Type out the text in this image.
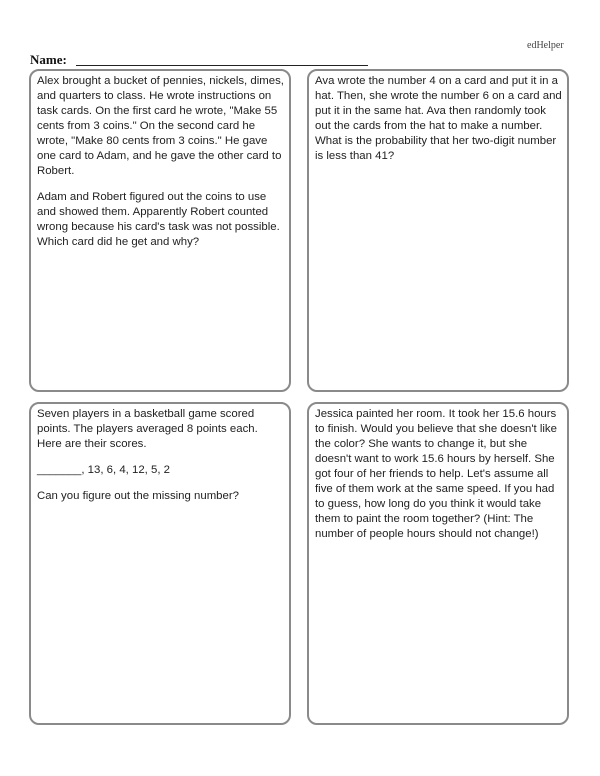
edHelper
Name:

Alex brought a bucket of pennies, nickels, dimes, and quarters to class. He wrote instructions on task cards. On the first card he wrote, "Make 55 cents from 3 coins." On the second card he wrote, "Make 80 cents from 3 coins." He gave one card to Adam, and he gave the other card to Robert.

Adam and Robert figured out the coins to use and showed them. Apparently Robert counted wrong because his card's task was not possible. Which card did he get and why?

Ava wrote the number 4 on a card and put it in a hat. Then, she wrote the number 6 on a card and put it in the same hat. Ava then randomly took out the cards from the hat to make a number. What is the probability that her two-digit number is less than 41?

Seven players in a basketball game scored points. The players averaged 8 points each. Here are their scores.

_______, 13, 6, 4, 12, 5, 2

Can you figure out the missing number?

Jessica painted her room. It took her 15.6 hours to finish. Would you believe that she doesn't like the color? She wants to change it, but she doesn't want to work 15.6 hours by herself. She got four of her friends to help. Let's assume all five of them work at the same speed. If you had to guess, how long do you think it would take them to paint the room together? (Hint: The number of people hours should not change!)
